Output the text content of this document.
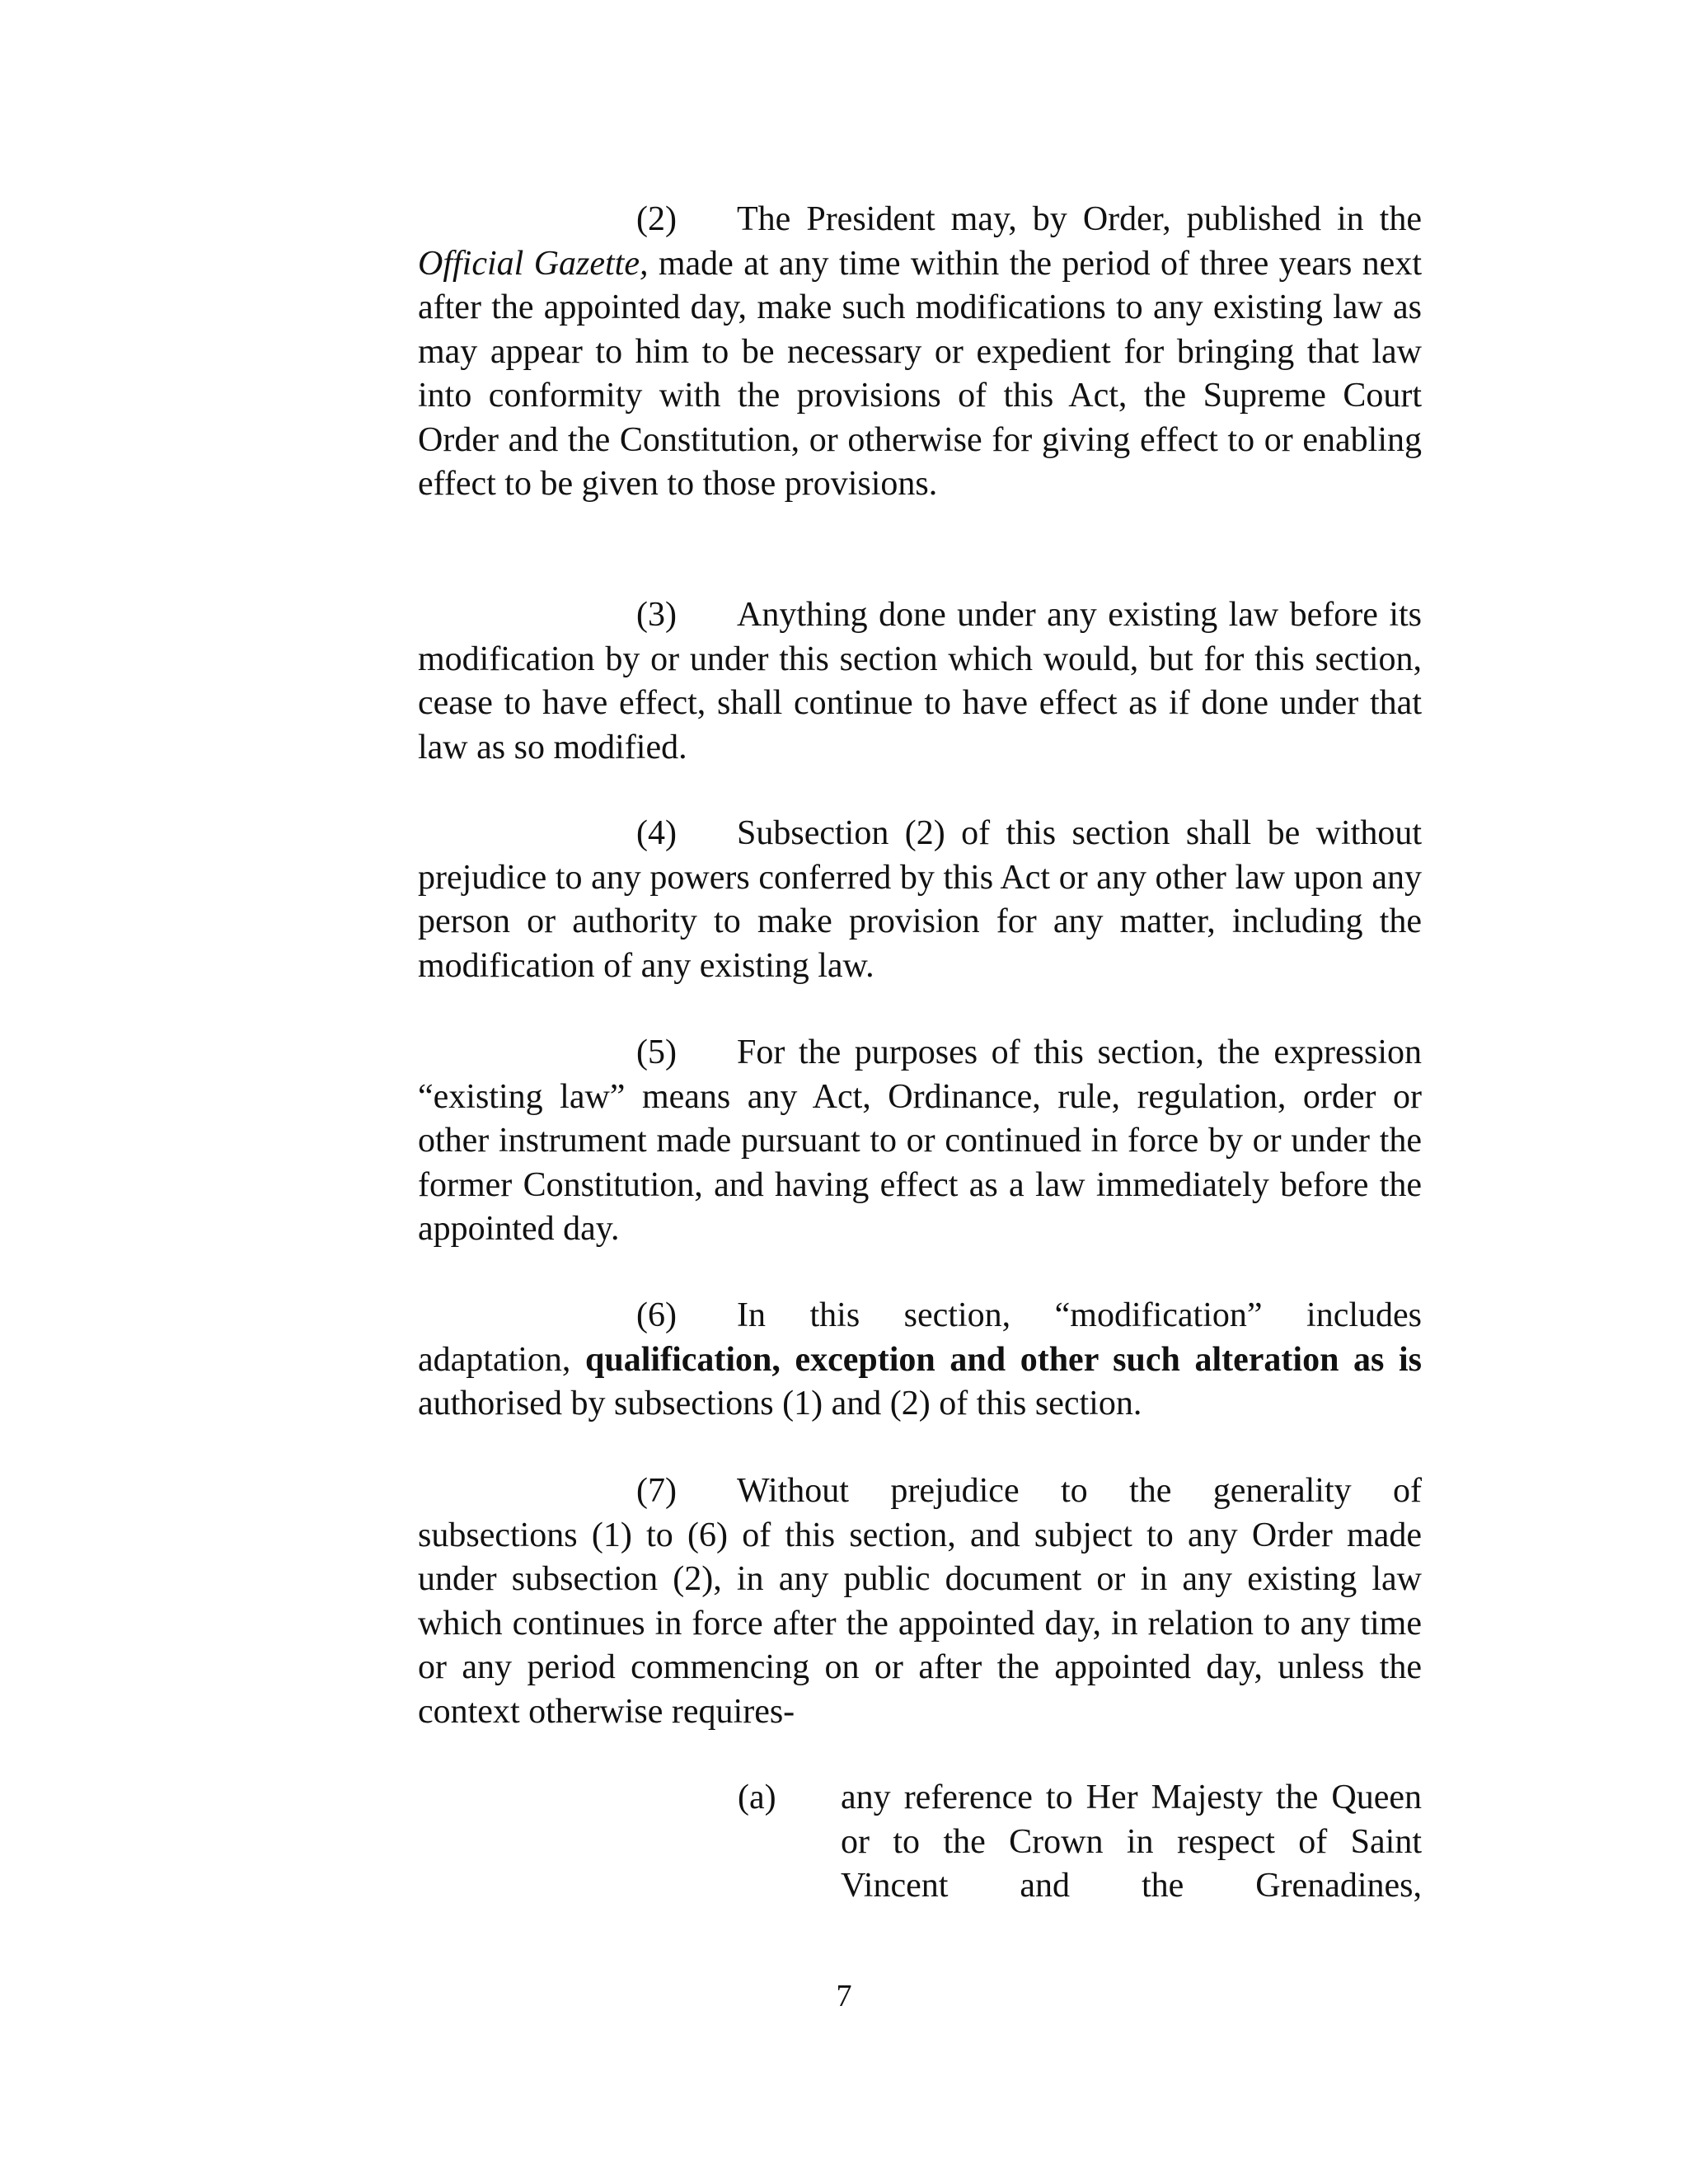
(2) The President may, by Order, published in the Official Gazette, made at any time within the period of three years next after the appointed day, make such modifications to any existing law as may appear to him to be necessary or expedient for bringing that law into conformity with the provisions of this Act, the Supreme Court Order and the Constitution, or otherwise for giving effect to or enabling effect to be given to those provisions.

(3) Anything done under any existing law before its modification by or under this section which would, but for this section, cease to have effect, shall continue to have effect as if done under that law as so modified.

(4) Subsection (2) of this section shall be without prejudice to any powers conferred by this Act or any other law upon any person or authority to make provision for any matter, including the modification of any existing law.

(5) For the purposes of this section, the expression “existing law” means any Act, Ordinance, rule, regulation, order or other instrument made pursuant to or continued in force by or under the former Constitution, and having effect as a law immediately before the appointed day.

(6) In this section, “modification” includes adaptation, qualification, exception and other such alteration as is authorised by subsections (1) and (2) of this section.

(7) Without prejudice to the generality of subsections (1) to (6) of this section, and subject to any Order made under subsection (2), in any public document or in any existing law which continues in force after the appointed day, in relation to any time or any period commencing on or after the appointed day, unless the context otherwise requires-

(a) any reference to Her Majesty the Queen or to the Crown in respect of Saint Vincent and the Grenadines,
7
